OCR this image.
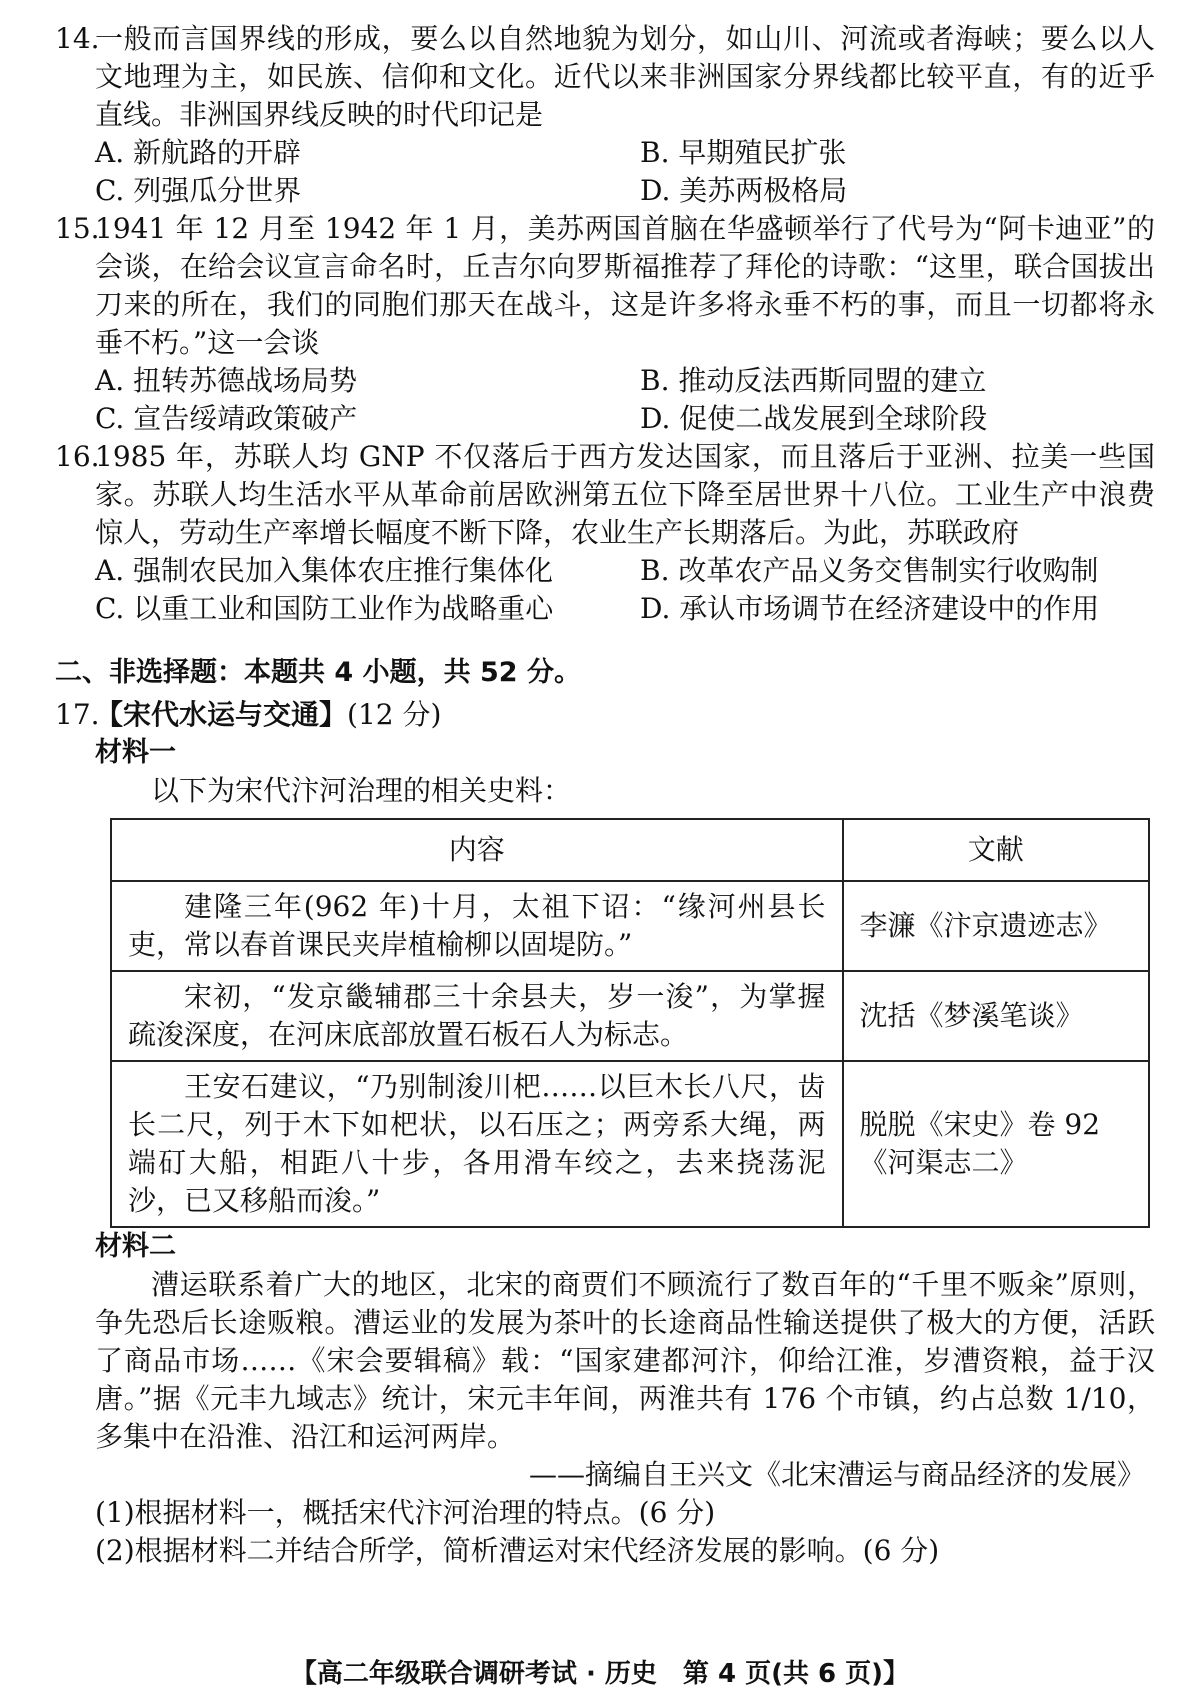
14.
一般而言国界线的形成，要么以自然地貌为划分，如山川、河流或者海峡；要么以人文地理为主，如民族、信仰和文化。近代以来非洲国家分界线都比较平直，有的近乎直线。非洲国界线反映的时代印记是
A. 新航路的开辟	B. 早期殖民扩张
C. 列强瓜分世界	D. 美苏两极格局
15.
1941 年 12 月至 1942 年 1 月，美苏两国首脑在华盛顿举行了代号为“阿卡迪亚”的会谈，在给会议宣言命名时，丘吉尔向罗斯福推荐了拜伦的诗歌：“这里，联合国拔出刀来的所在，我们的同胞们那天在战斗，这是许多将永垂不朽的事，而且一切都将永垂不朽。”这一会谈
A. 扭转苏德战场局势	B. 推动反法西斯同盟的建立
C. 宣告绥靖政策破产	D. 促使二战发展到全球阶段
16.
1985 年，苏联人均 GNP 不仅落后于西方发达国家，而且落后于亚洲、拉美一些国家。苏联人均生活水平从革命前居欧洲第五位下降至居世界十八位。工业生产中浪费惊人，劳动生产率增长幅度不断下降，农业生产长期落后。为此，苏联政府
A. 强制农民加入集体农庄推行集体化	B. 改革农产品义务交售制实行收购制
C. 以重工业和国防工业作为战略重心	D. 承认市场调节在经济建设中的作用
二、非选择题：本题共 4 小题，共 52 分。
17.
【宋代水运与交通】 (12 分)
材料一
以下为宋代汴河治理的相关史料：
内容	文献
建隆三年(962 年)十月，太祖下诏：“缘河州县长吏，常以春首课民夹岸植榆柳以固堤防。”	李濂《汴京遗迹志》
宋初，“发京畿辅郡三十余县夫，岁一浚”，为掌握疏浚深度，在河床底部放置石板石人为标志。	沈括《梦溪笔谈》
王安石建议，“乃别制浚川杷……以巨木长八尺，齿长二尺，列于木下如杷状，以石压之；两旁系大绳，两端矴大船，相距八十步，各用滑车绞之，去来挠荡泥沙，已又移船而浚。”	脱脱《宋史》卷 92《河渠志二》
材料二
漕运联系着广大的地区，北宋的商贾们不顾流行了数百年的“千里不贩籴”原则，争先恐后长途贩粮。漕运业的发展为茶叶的长途商品性输送提供了极大的方便，活跃了商品市场……《宋会要辑稿》载：“国家建都河汴，仰给江淮，岁漕资粮，益于汉唐。”据《元丰九域志》统计，宋元丰年间，两淮共有 176 个市镇，约占总数 1/10，多集中在沿淮、沿江和运河两岸。
——摘编自王兴文《北宋漕运与商品经济的发展》
(1)根据材料一，概括宋代汴河治理的特点。(6 分)
(2)根据材料二并结合所学，简析漕运对宋代经济发展的影响。(6 分)
【高二年级联合调研考试 · 历史　第 4 页(共 6 页)】
